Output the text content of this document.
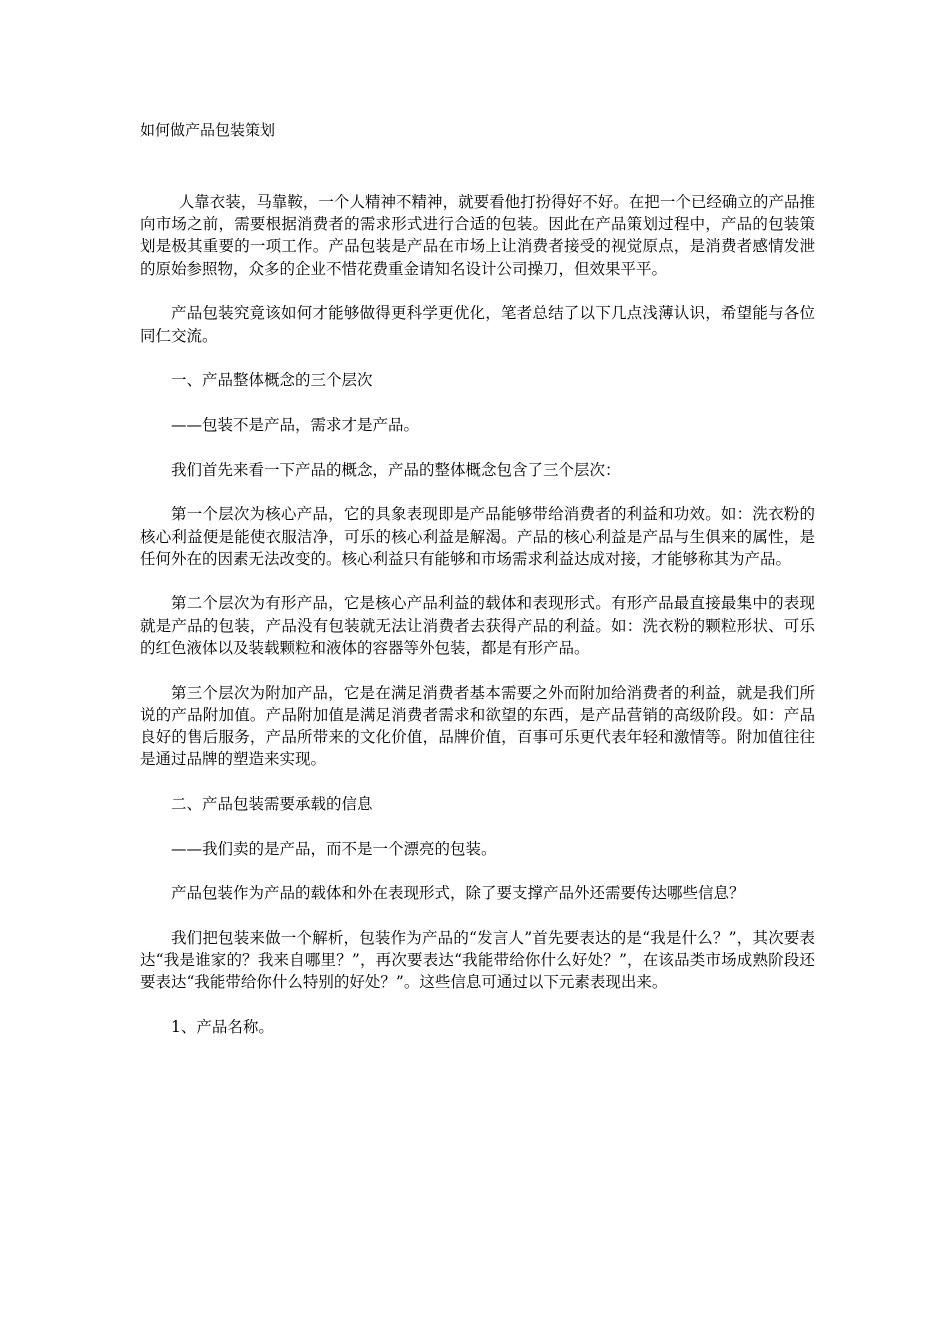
如何做产品包装策划

人靠衣装，马靠鞍，一个人精神不精神，就要看他打扮得好不好。在把一个已经确立的产品推向市场之前，需要根据消费者的需求形式进行合适的包装。因此在产品策划过程中，产品的包装策划是极其重要的一项工作。产品包装是产品在市场上让消费者接受的视觉原点，是消费者感情发泄的原始参照物，众多的企业不惜花费重金请知名设计公司操刀，但效果平平。

产品包装究竟该如何才能够做得更科学更优化，笔者总结了以下几点浅薄认识，希望能与各位同仁交流。

一、产品整体概念的三个层次

——包装不是产品，需求才是产品。

我们首先来看一下产品的概念，产品的整体概念包含了三个层次：

第一个层次为核心产品，它的具象表现即是产品能够带给消费者的利益和功效。如：洗衣粉的核心利益便是能使衣服洁净，可乐的核心利益是解渴。产品的核心利益是产品与生俱来的属性，是任何外在的因素无法改变的。核心利益只有能够和市场需求利益达成对接，才能够称其为产品。

第二个层次为有形产品，它是核心产品利益的载体和表现形式。有形产品最直接最集中的表现就是产品的包装，产品没有包装就无法让消费者去获得产品的利益。如：洗衣粉的颗粒形状、可乐的红色液体以及装载颗粒和液体的容器等外包装，都是有形产品。

第三个层次为附加产品，它是在满足消费者基本需要之外而附加给消费者的利益，就是我们所说的产品附加值。产品附加值是满足消费者需求和欲望的东西，是产品营销的高级阶段。如：产品良好的售后服务，产品所带来的文化价值，品牌价值，百事可乐更代表年轻和激情等。附加值往往是通过品牌的塑造来实现。

二、产品包装需要承载的信息

——我们卖的是产品，而不是一个漂亮的包装。

产品包装作为产品的载体和外在表现形式，除了要支撑产品外还需要传达哪些信息？

我们把包装来做一个解析，包装作为产品的“发言人”首先要表达的是“我是什么？”，其次要表达“我是谁家的？我来自哪里？”，再次要表达“我能带给你什么好处？”，在该品类市场成熟阶段还要表达“我能带给你什么特别的好处？”。这些信息可通过以下元素表现出来。

1、产品名称。
